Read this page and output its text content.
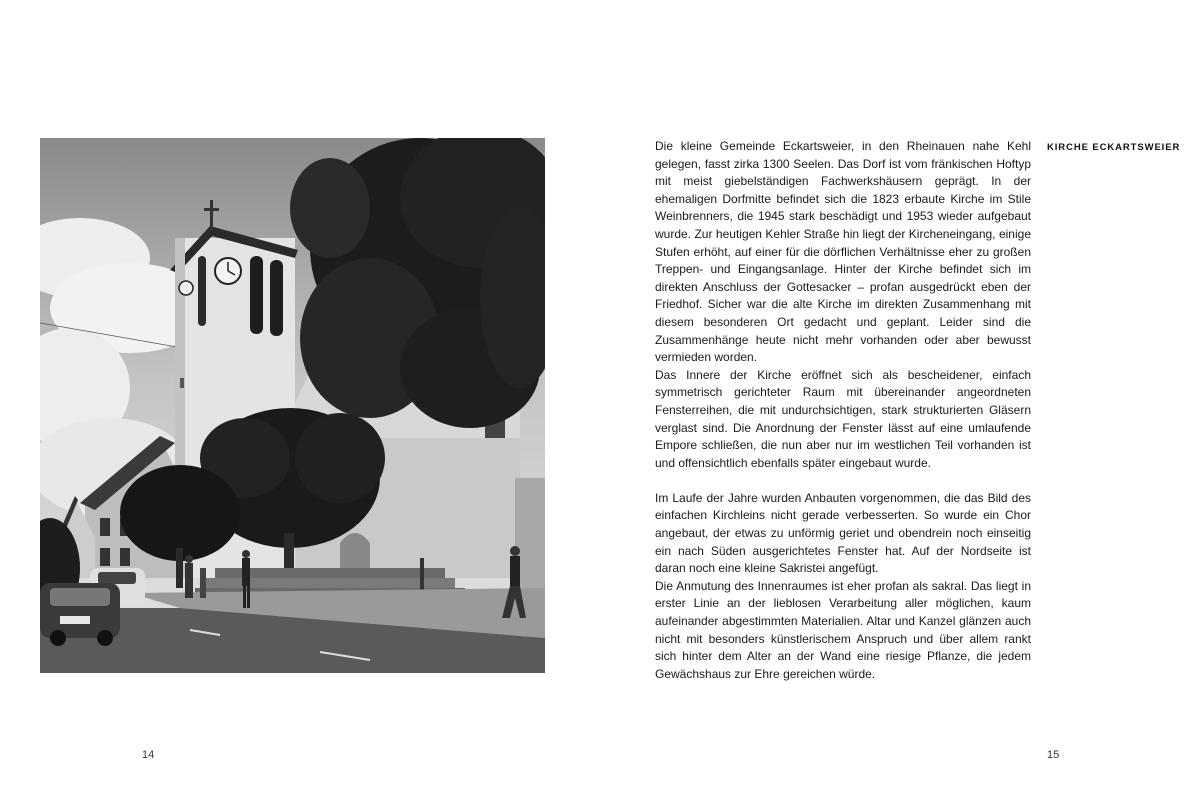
Die kleine Gemeinde Eckartsweier, in den Rheinauen nahe Kehl gelegen, fasst zirka 1300 Seelen. Das Dorf ist vom fränkischen Hoftyp mit meist giebelständigen Fachwerkshäusern geprägt. In der ehemaligen Dorfmitte befindet sich die 1823 erbaute Kirche im Stile Weinbrenners, die 1945 stark beschädigt und 1953 wieder aufgebaut wurde. Zur heutigen Kehler Straße hin liegt der Kircheneingang, einige Stufen erhöht, auf einer für die dörflichen Verhältnisse eher zu großen Treppen- und Eingangsanlage. Hinter der Kirche befindet sich im direkten Anschluss der Gottesacker – profan ausgedrückt eben der Friedhof. Sicher war die alte Kirche im direkten Zusammenhang mit diesem besonderen Ort gedacht und geplant. Leider sind die Zusammenhänge heute nicht mehr vorhanden oder aber bewusst vermieden worden.

Das Innere der Kirche eröffnet sich als bescheidener, einfach symmetrisch gerichteter Raum mit übereinander angeordneten Fensterreihen, die mit undurchsichtigen, stark strukturierten Gläsern verglast sind. Die Anordnung der Fenster lässt auf eine umlaufende Empore schließen, die nun aber nur im westlichen Teil vorhanden ist und offensichtlich ebenfalls später eingebaut wurde.

Im Laufe der Jahre wurden Anbauten vorgenommen, die das Bild des einfachen Kirchleins nicht gerade verbesserten. So wurde ein Chor angebaut, der etwas zu unförmig geriet und obendrein noch einseitig ein nach Süden ausgerichtetes Fenster hat. Auf der Nordseite ist daran noch eine kleine Sakristei angefügt.

Die Anmutung des Innenraumes ist eher profan als sakral. Das liegt in erster Linie an der lieblosen Verarbeitung aller möglichen, kaum aufeinander abgestimmten Materialien. Altar und Kanzel glänzen auch nicht mit besonders künstlerischem Anspruch und über allem rankt sich hinter dem Alter an der Wand eine riesige Pflanze, die jedem Gewächshaus zur Ehre gereichen würde.

KIRCHE ECKARTSWEIER
14	15
